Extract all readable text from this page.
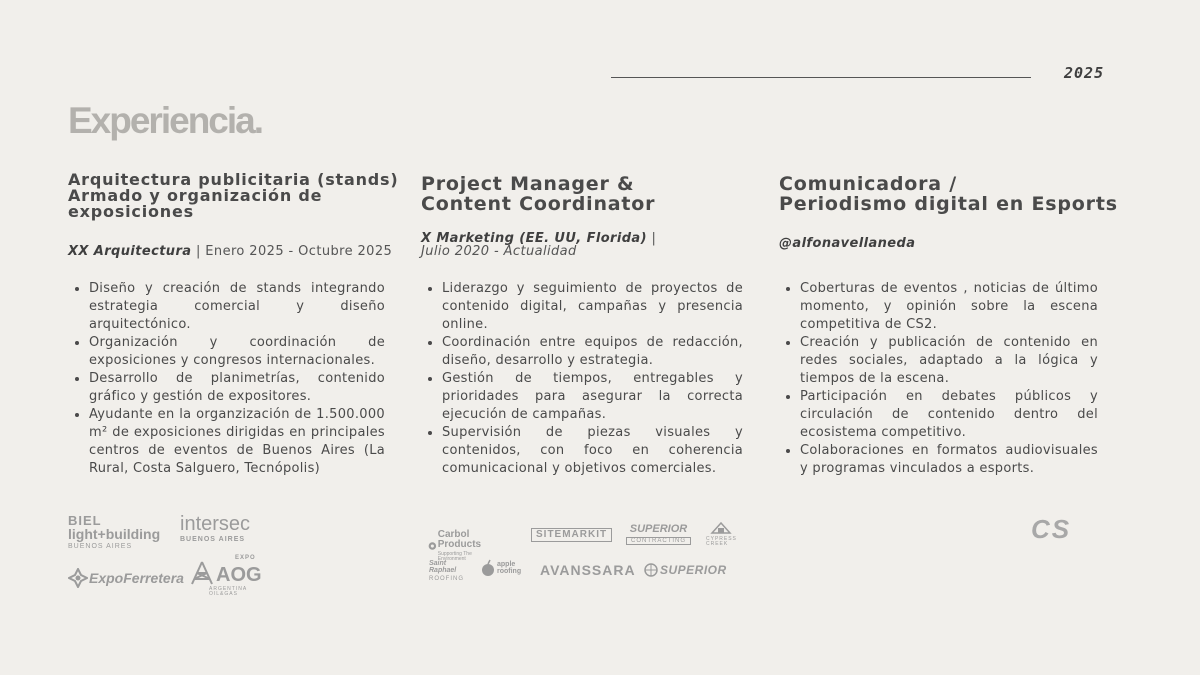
2025
Experiencia.
Arquitectura publicitaria (stands)
Armado y organización de
exposiciones
XX Arquitectura | Enero 2025 - Octubre 2025
• Diseño y creación de stands integrando estrategia comercial y diseño arquitectónico.
• Organización y coordinación de exposiciones y congresos internacionales.
• Desarrollo de planimetrías, contenido gráfico y gestión de expositores.
• Ayudante en la organzización de 1.500.000 m² de exposiciones dirigidas en principales centros de eventos de Buenos Aires (La Rural, Costa Salguero, Tecnópolis)
Project Manager &
Content Coordinator
X Marketing (EE. UU, Florida) |
Julio 2020 - Actualidad
• Liderazgo y seguimiento de proyectos de contenido digital, campañas y presencia online.
• Coordinación entre equipos de redacción, diseño, desarrollo y estrategia.
• Gestión de tiempos, entregables y prioridades para asegurar la correcta ejecución de campañas.
• Supervisión de piezas visuales y contenidos, con foco en coherencia comunicacional y objetivos comerciales.
Comunicadora /
Periodismo digital en Esports
@alfonavellaneda
• Coberturas de eventos , noticias de último momento, y opinión sobre la escena competitiva de CS2.
• Creación y publicación de contenido en redes sociales, adaptado a la lógica y tiempos de la escena.
• Participación en debates públicos y circulación de contenido dentro del ecosistema competitivo.
• Colaboraciones en formatos audiovisuales y programas vinculados a esports.
BIEL
light+building
BUENOS AIRES
intersec
BUENOS AIRES
ExpoFerretera
EXPO
AOG
ARGENTINA OIL&GAS
Carbol Products
Supporting The Environment
SITEMARKIT SUPERIOR
CONTRACTING	CYPRESS CREEK
Saint Raphael
ROOFING
apple
roofing AVANSSARA SUPERIOR
CS
